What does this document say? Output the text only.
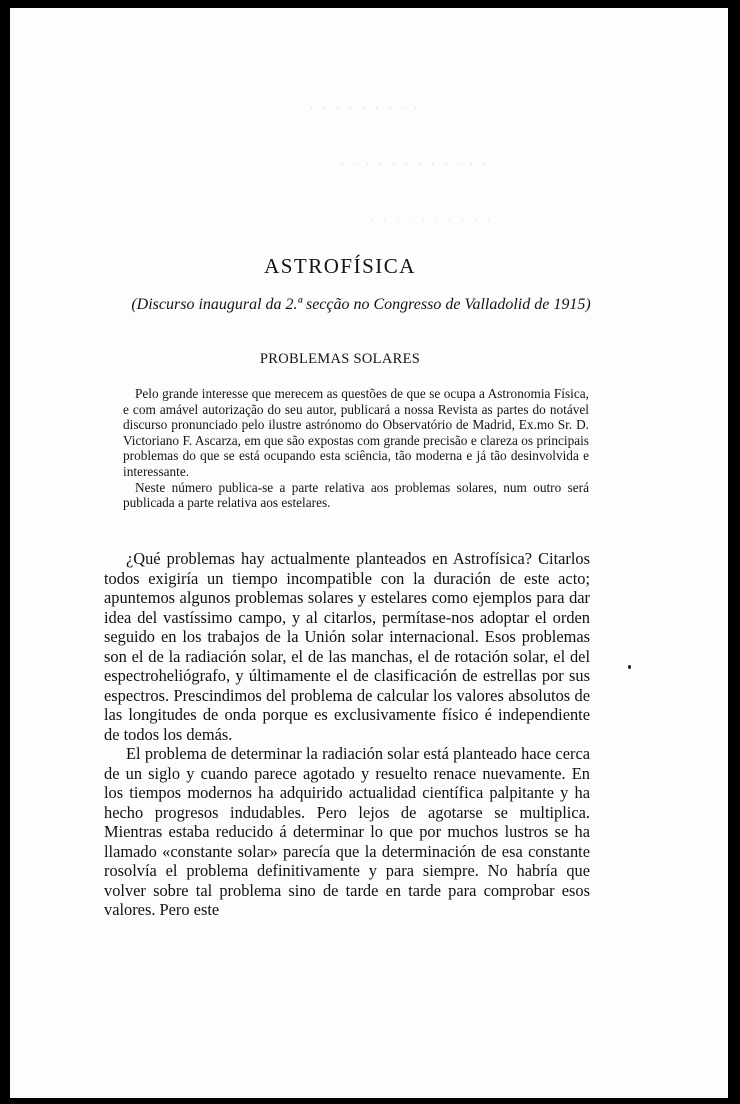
· · · · · · · · ·
· · · · · · · · · · · ·
· · · · · · · · · ·
ASTROFÍSICA
(Discurso inaugural da 2.ª secção no Congresso de Valladolid de 1915)
PROBLEMAS SOLARES

Pelo grande interesse que merecem as questões de que se ocupa a Astronomia Física, e com amável autorização do seu autor, publicará a nossa Revista as partes do notável discurso pronunciado pelo ilustre astrónomo do Observatório de Madrid, Ex.mo Sr. D. Victoriano F. Ascarza, em que são expostas com grande precisão e clareza os principais problemas do que se está ocupando esta sciência, tão moderna e já tão desinvolvida e interessante.

Neste número publica-se a parte relativa aos problemas solares, num outro será publicada a parte relativa aos estelares.

¿Qué problemas hay actualmente planteados en Astrofísica? Citarlos todos exigiría un tiempo incompatible con la duración de este acto; apuntemos algunos problemas solares y estelares como ejemplos para dar idea del vastíssimo campo, y al citarlos, permítase-nos adoptar el orden seguido en los trabajos de la Unión solar internacional. Esos problemas son el de la radiación solar, el de las manchas, el de rotación solar, el del espectroheliógrafo, y últimamente el de clasificación de estrellas por sus espectros. Prescindimos del problema de calcular los valores absolutos de las longitudes de onda porque es exclusivamente físico é independiente de todos los demás.

El problema de determinar la radiación solar está planteado hace cerca de un siglo y cuando parece agotado y resuelto renace nuevamente. En los tiempos modernos ha adquirido actualidad científica palpitante y ha hecho progresos indudables. Pero lejos de agotarse se multiplica. Mientras estaba reducido á determinar lo que por muchos lustros se ha llamado «constante solar» parecía que la determinación de esa constante rosolvía el problema definitivamente y para siempre. No habría que volver sobre tal problema sino de tarde en tarde para comprobar esos valores. Pero este
